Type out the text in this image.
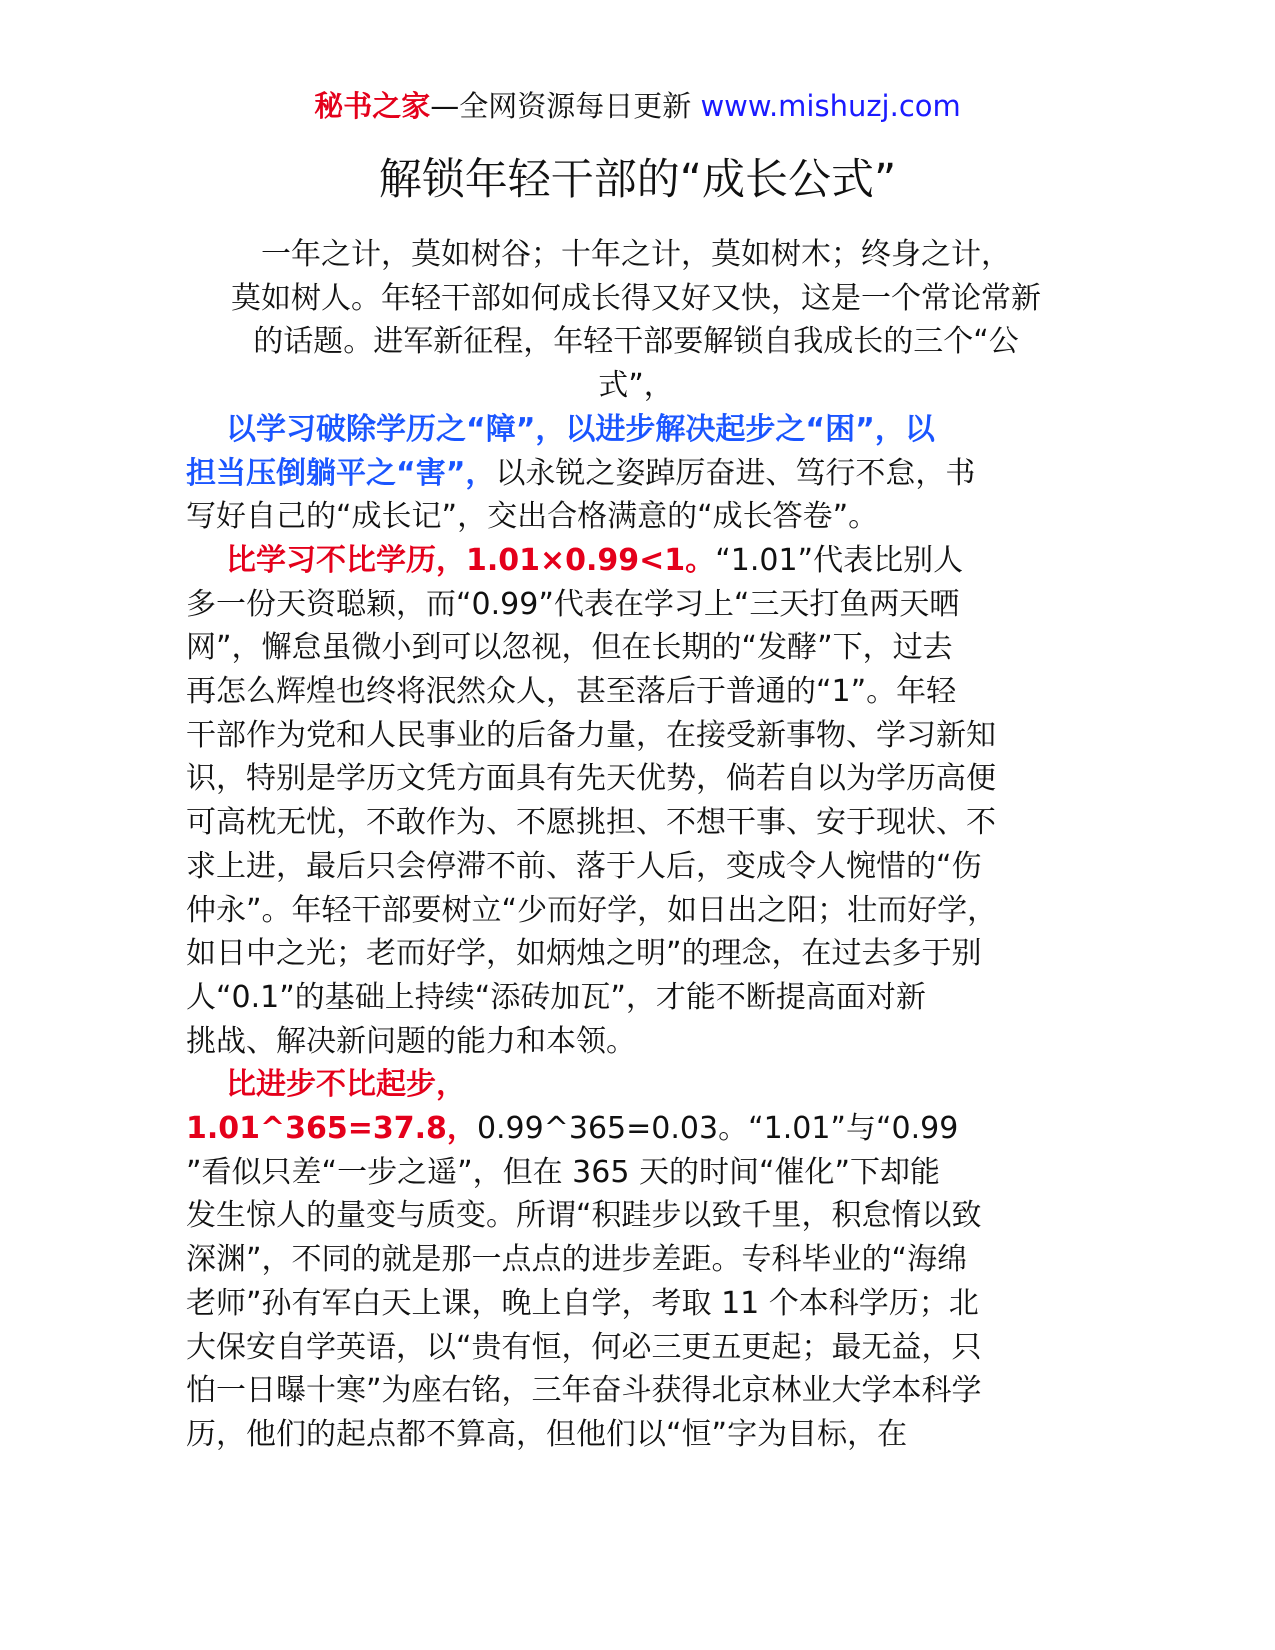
秘书之家—全网资源每日更新 www.mishuzj.com
解锁年轻干部的“成长公式”

一年之计，莫如树谷；十年之计，莫如树木；终身之计，
莫如树人。年轻干部如何成长得又好又快，这是一个常论常新
的话题。进军新征程，年轻干部要解锁自我成长的三个“公
式”，

以学习破除学历之“障”，以进步解决起步之“困”，以
担当压倒躺平之“害”，以永锐之姿踔厉奋进、笃行不怠，书
写好自己的“成长记”，交出合格满意的“成长答卷”。

比学习不比学历，1.01×0.99<1。“1.01”代表比别人
多一份天资聪颖，而“0.99”代表在学习上“三天打鱼两天晒
网”，懈怠虽微小到可以忽视，但在长期的“发酵”下，过去
再怎么辉煌也终将泯然众人，甚至落后于普通的“1”。年轻
干部作为党和人民事业的后备力量，在接受新事物、学习新知
识，特别是学历文凭方面具有先天优势，倘若自以为学历高便
可高枕无忧，不敢作为、不愿挑担、不想干事、安于现状、不
求上进，最后只会停滞不前、落于人后，变成令人惋惜的“伤
仲永”。年轻干部要树立“少而好学，如日出之阳；壮而好学，
如日中之光；老而好学，如炳烛之明”的理念，在过去多于别
人“0.1”的基础上持续“添砖加瓦”，才能不断提高面对新
挑战、解决新问题的能力和本领。

比进步不比起步，
1.01^365=37.8，0.99^365=0.03。“1.01”与“0.99
”看似只差“一步之遥”，但在 365 天的时间“催化”下却能
发生惊人的量变与质变。所谓“积跬步以致千里，积怠惰以致
深渊”，不同的就是那一点点的进步差距。专科毕业的“海绵
老师”孙有军白天上课，晚上自学，考取 11 个本科学历；北
大保安自学英语，以“贵有恒，何必三更五更起；最无益，只
怕一日曝十寒”为座右铭，三年奋斗获得北京林业大学本科学
历，他们的起点都不算高，但他们以“恒”字为目标，在
